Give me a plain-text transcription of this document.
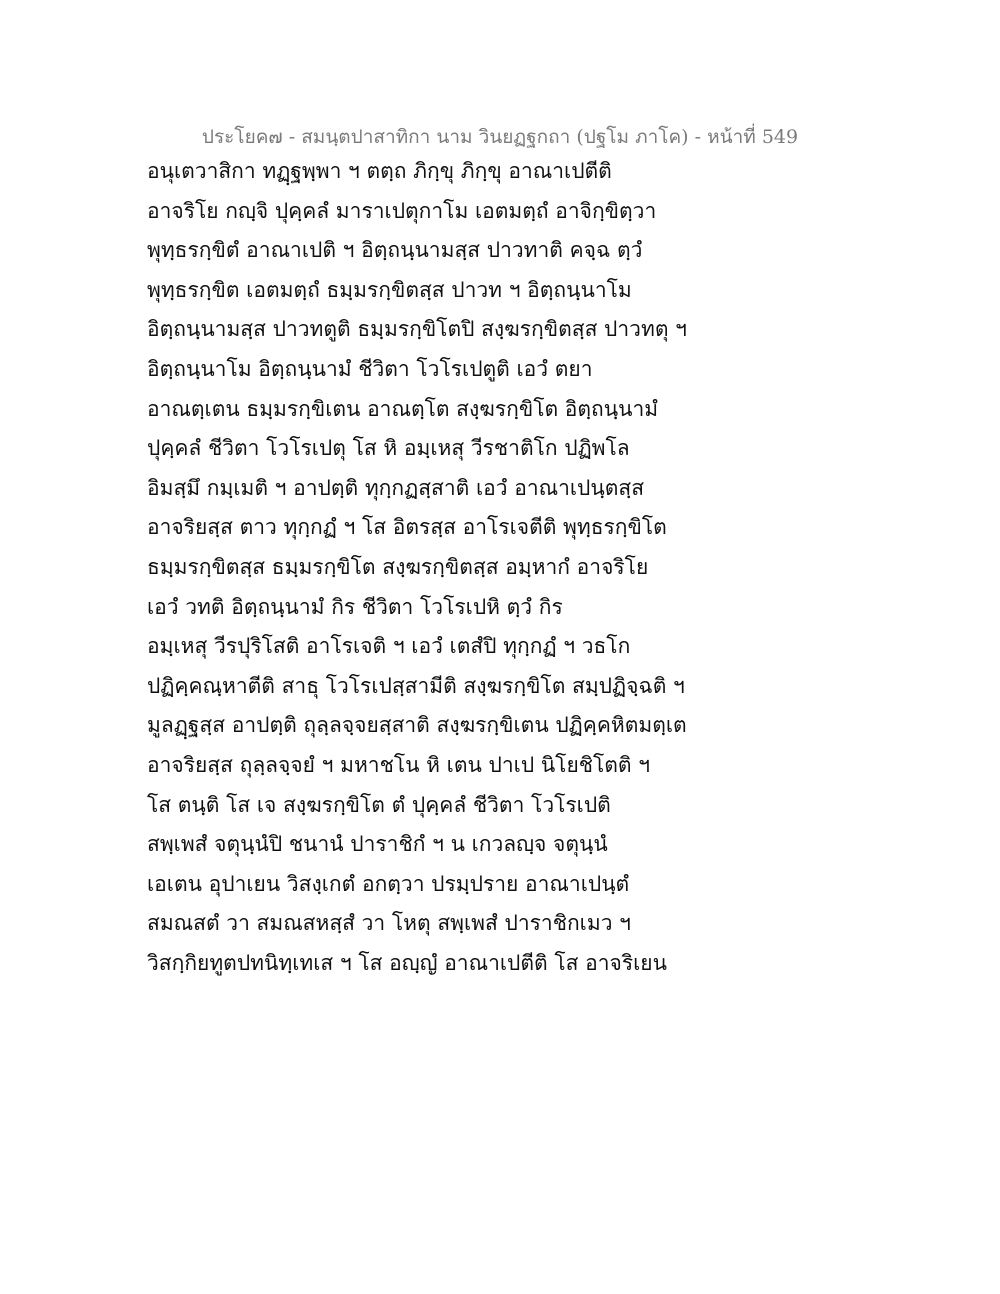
ประโยค๗ - สมนฺตปาสาทิกา นาม วินยฏฐกถา (ปฐโม ภาโค) - หน้าที่ 549
อนุเตวาสิกา ทฏฺฐพฺพา ฯ ตตฺถ ภิกฺขุ ภิกฺขุ อาณาเปตีติ
อาจริโย กญฺจิ ปุคฺคลํ มาราเปตุกาโม เอตมตฺถํ อาจิกฺขิตฺวา
พุทฺธรกฺขิตํ อาณาเปติ ฯ อิตฺถนฺนามสฺส ปาวทาติ คจฺฉ ตฺวํ
พุทฺธรกฺขิต เอตมตฺถํ ธมฺมรกฺขิตสฺส ปาวท ฯ อิตฺถนฺนาโม
อิตฺถนฺนามสฺส ปาวทตูติ ธมฺมรกฺขิโตปิ สงฺฆรกฺขิตสฺส ปาวทตุ ฯ
อิตฺถนฺนาโม อิตฺถนฺนามํ ชีวิตา โวโรเปตูติ เอวํ ตยา
อาณตฺเตน ธมฺมรกฺขิเตน อาณตฺโต สงฺฆรกฺขิโต อิตฺถนฺนามํ
ปุคฺคลํ ชีวิตา โวโรเปตุ โส หิ อมฺเหสุ วีรชาติโก ปฏิพโล
อิมสฺมึ กมฺเมติ ฯ อาปตฺติ ทุกฺกฏสฺสาติ เอวํ อาณาเปนฺตสฺส
อาจริยสฺส ตาว ทุกฺกฏํ ฯ โส อิตรสฺส อาโรเจตีติ พุทฺธรกฺขิโต
ธมฺมรกฺขิตสฺส ธมฺมรกฺขิโต สงฺฆรกฺขิตสฺส อมฺหากํ อาจริโย
เอวํ วทติ อิตฺถนฺนามํ กิร ชีวิตา โวโรเปหิ ตฺวํ กิร
อมฺเหสุ วีรปุริโสติ อาโรเจติ ฯ เอวํ เตสํปิ ทุกฺกฏํ ฯ วธโก
ปฏิคฺคณฺหาตีติ สาธุ โวโรเปสฺสามีติ สงฺฆรกฺขิโต สมฺปฏิจฺฉติ ฯ
มูลฏฺฐสฺส อาปตฺติ ถุลฺลจฺจยสฺสาติ สงฺฆรกฺขิเตน ปฏิคฺคหิตมตฺเต
อาจริยสฺส ถุลฺลจฺจยํ ฯ มหาชโน หิ เตน ปาเป นิโยชิโตติ ฯ
โส ตนฺติ โส เจ สงฺฆรกฺขิโต ตํ ปุคฺคลํ ชีวิตา โวโรเปติ
สพฺเพสํ จตุนฺนํปิ ชนานํ ปาราชิกํ ฯ น เกวลญฺจ จตุนฺนํ
เอเตน อุปาเยน วิสงฺเกตํ อกตฺวา ปรมฺปราย อาณาเปนฺตํ
สมณสตํ วา สมณสหสฺสํ วา โหตุ สพฺเพสํ ปาราชิกเมว ฯ
วิสกฺกิยทูตปทนิทฺเทเส ฯ โส อญฺญํ อาณาเปตีติ โส อาจริเยน
